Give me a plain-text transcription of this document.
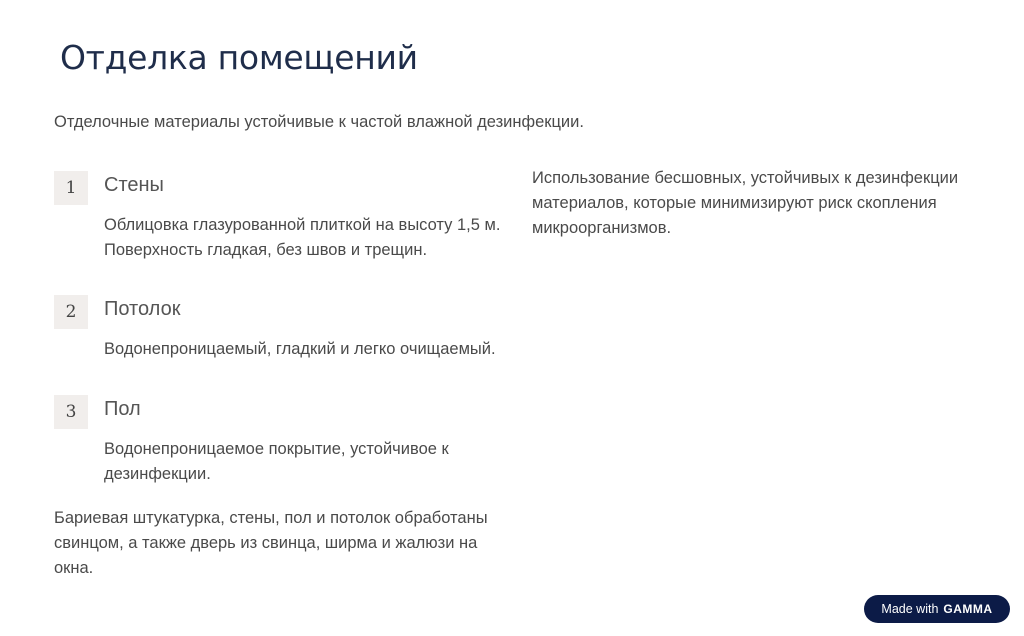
Отделка помещений
Отделочные материалы устойчивые к частой влажной дезинфекции.
1	Стены
Облицовка глазурованной плиткой на высоту 1,5 м. Поверхность гладкая, без швов и трещин.
2	Потолок
Водонепроницаемый, гладкий и легко очищаемый.
3	Пол
Водонепроницаемое покрытие, устойчивое к дезинфекции.
Бариевая штукатурка, стены, пол и потолок обработаны свинцом, а также дверь из свинца, ширма и жалюзи на окна.
Использование бесшовных, устойчивых к дезинфекции материалов, которые минимизируют риск скопления микроорганизмов.
Made with GAMMA
